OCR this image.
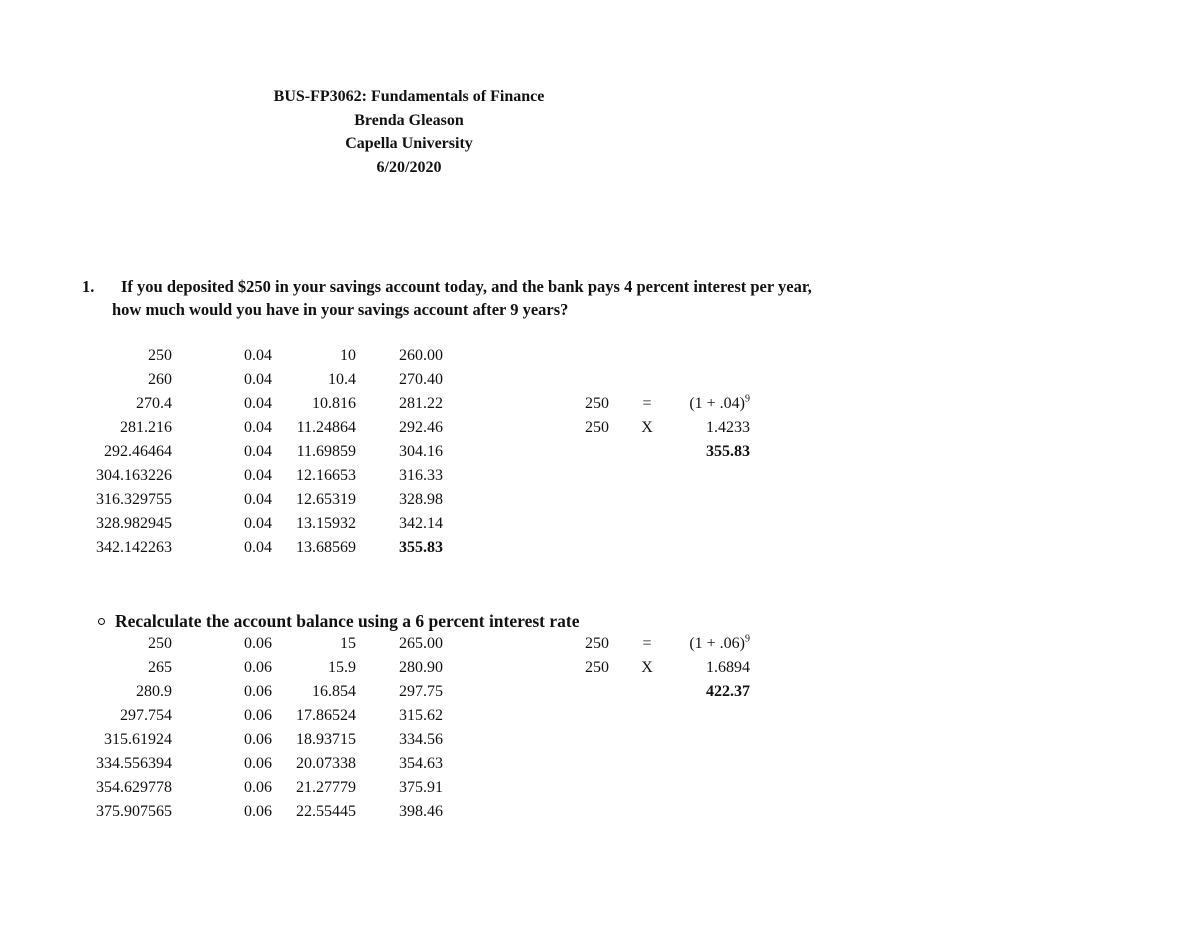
BUS-FP3062: Fundamentals of Finance
Brenda Gleason
Capella University
6/20/2020
1.	If you deposited $250 in your savings account today, and the bank pays 4 percent interest per year,
how much would you have in your savings account after 9 years?
250	0.04	10	260.00
260	0.04	10.4	270.40
270.4	0.04	10.816	281.22
281.216	0.04 11.24864	292.46
292.46464	0.04 11.69859	304.16
304.163226	0.04 12.16653	316.33
316.329755	0.04 12.65319	328.98
328.982945	0.04 13.15932	342.14
342.142263	0.04 13.68569	355.83
$250 = (1 + .04)^9$
250 X	1.4233
355.83
Recalculate the account balance using a 6 percent interest rate
250	0.06	15	265.00
265	0.06	15.9	280.90
280.9	0.06	16.854	297.75
297.754	0.06 17.86524	315.62
315.61924	0.06 18.93715	334.56
334.556394	0.06 20.07338	354.63
354.629778	0.06 21.27779	375.91
375.907565	0.06 22.55445	398.46
$250 = (1 + .06)^9$
250 X	1.6894
422.37
